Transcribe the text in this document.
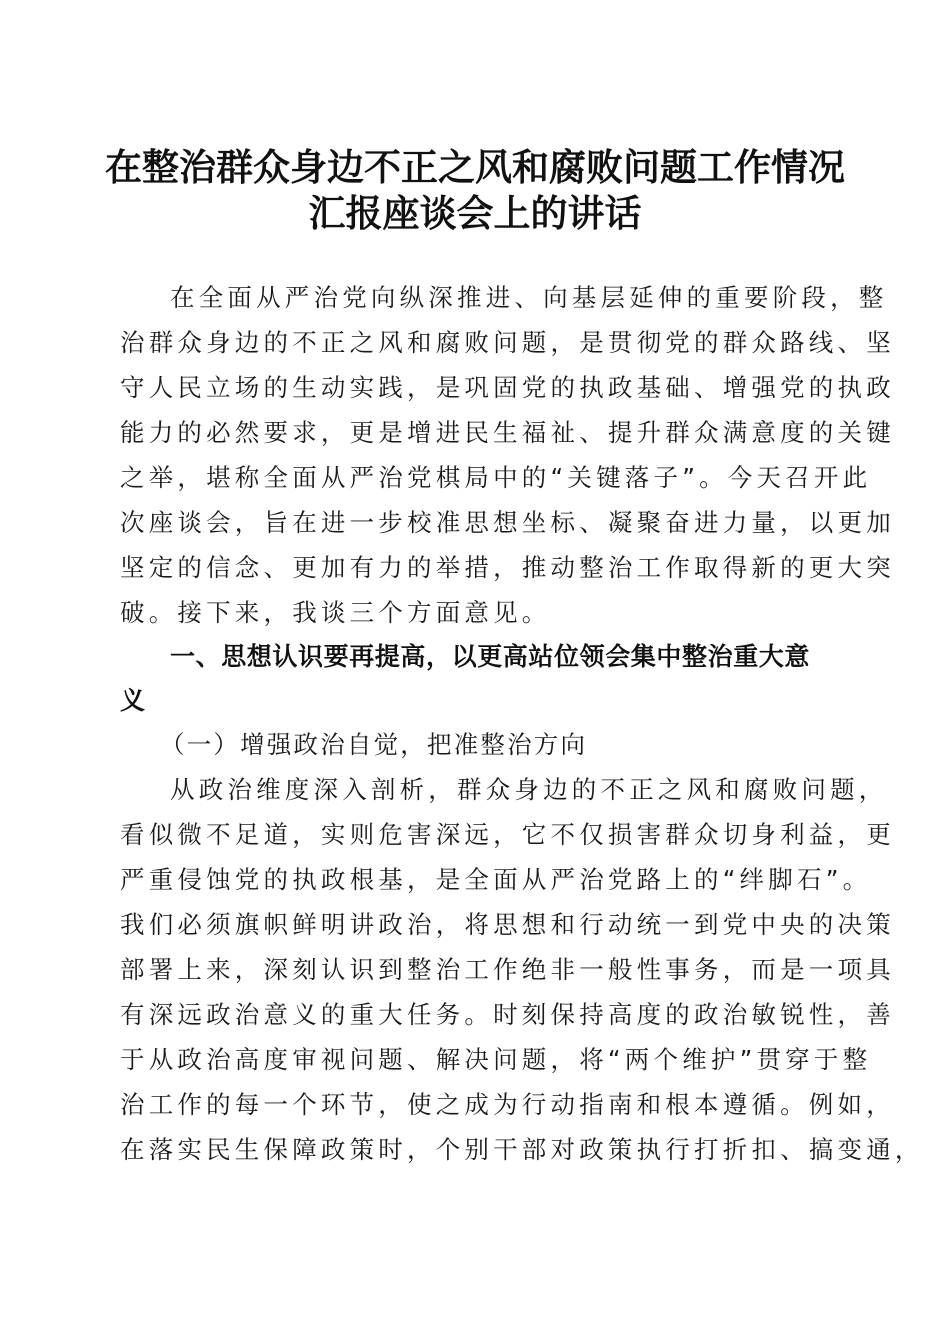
在整治群众身边不正之风和腐败问题工作情况
汇报座谈会上的讲话
在全面从严治党向纵深推进、向基层延伸的重要阶段，整
治群众身边的不正之风和腐败问题，是贯彻党的群众路线、坚
守人民立场的生动实践，是巩固党的执政基础、增强党的执政
能力的必然要求，更是增进民生福祉、提升群众满意度的关键
之举，堪称全面从严治党棋局中的“关键落子”。今天召开此
次座谈会，旨在进一步校准思想坐标、凝聚奋进力量，以更加
坚定的信念、更加有力的举措，推动整治工作取得新的更大突
破。接下来，我谈三个方面意见。
一、思想认识要再提高，以更高站位领会集中整治重大意
义
（一）增强政治自觉，把准整治方向
从政治维度深入剖析，群众身边的不正之风和腐败问题，
看似微不足道，实则危害深远，它不仅损害群众切身利益，更
严重侵蚀党的执政根基，是全面从严治党路上的“绊脚石”。
我们必须旗帜鲜明讲政治，将思想和行动统一到党中央的决策
部署上来，深刻认识到整治工作绝非一般性事务，而是一项具
有深远政治意义的重大任务。时刻保持高度的政治敏锐性，善
于从政治高度审视问题、解决问题，将“两个维护”贯穿于整
治工作的每一个环节，使之成为行动指南和根本遵循。例如，
在落实民生保障政策时，个别干部对政策执行打折扣、搞变通，
